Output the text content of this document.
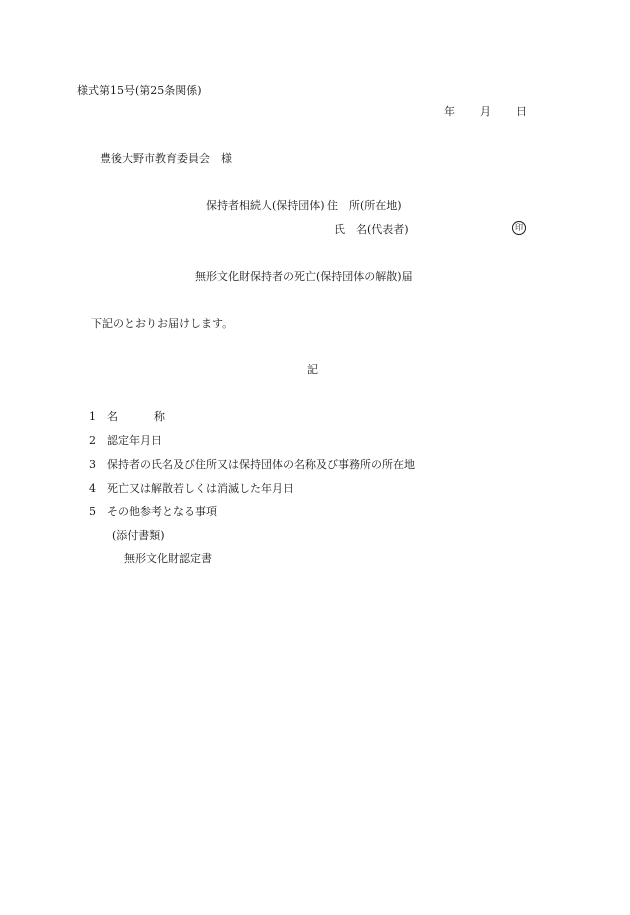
様式第15号(第25条関係)
年 月 日
豊後大野市教育委員会　様
保持者相続人(保持団体) 住　所(所在地)
氏　名(代表者)	印
無形文化財保持者の死亡(保持団体の解散)届
下記のとおりお届けします。
記
1 名	称
2 認定年月日
3 保持者の氏名及び住所又は保持団体の名称及び事務所の所在地
4 死亡又は解散若しくは消滅した年月日
5 その他参考となる事項
(添付書類)
無形文化財認定書
